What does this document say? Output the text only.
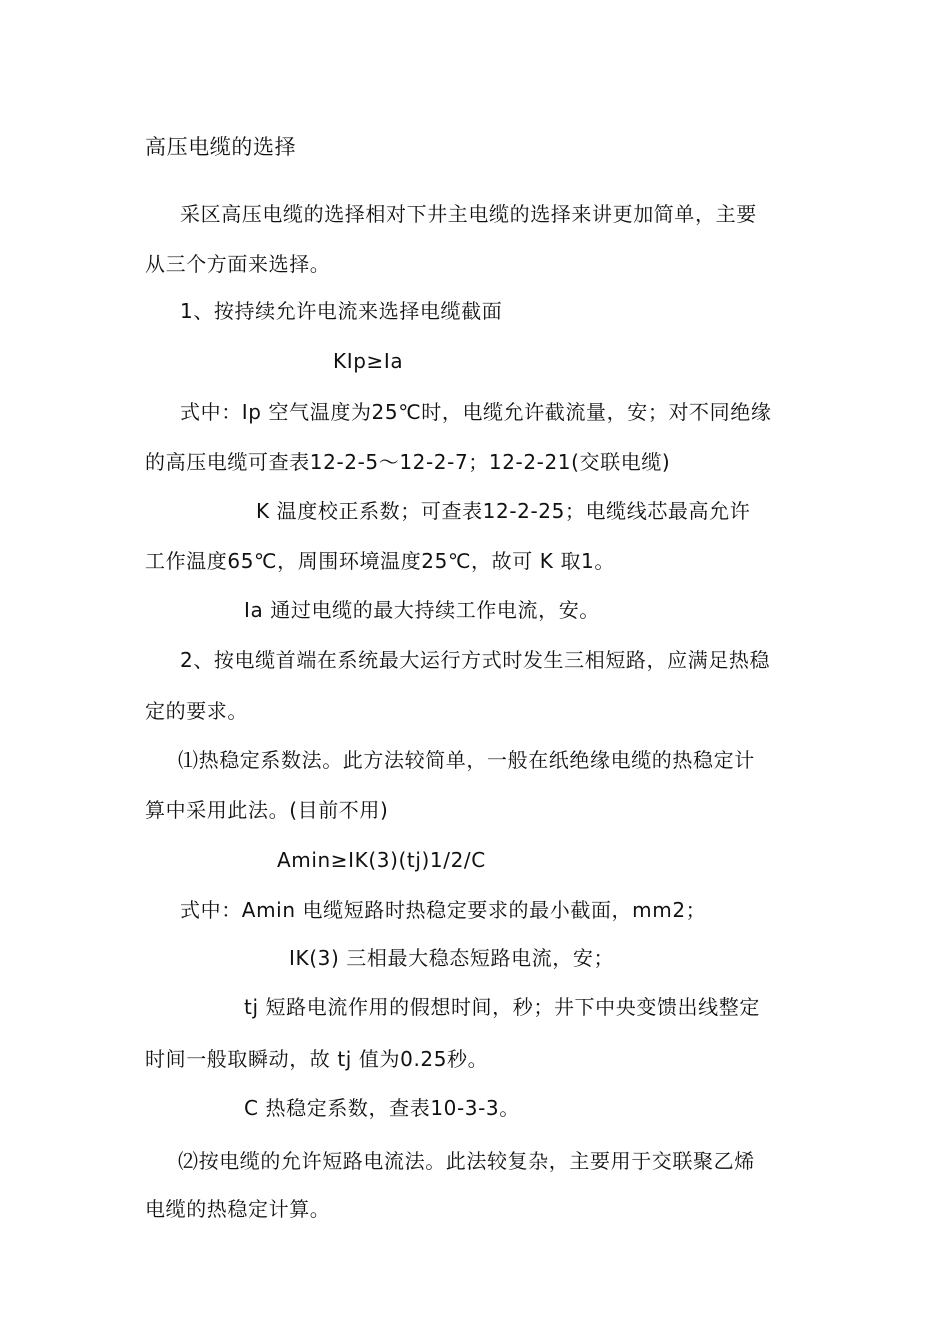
高压电缆的选择
采区高压电缆的选择相对下井主电缆的选择来讲更加简单，主要
从三个方面来选择。
1、按持续允许电流来选择电缆截面
KIp≥Ia
式中：Ip 空气温度为25℃时，电缆允许截流量，安；对不同绝缘
的高压电缆可查表12-2-5～12-2-7；12-2-21(交联电缆)
K 温度校正系数；可查表12-2-25；电缆线芯最高允许
工作温度65℃，周围环境温度25℃，故可 K 取1。
Ia 通过电缆的最大持续工作电流，安。
2、按电缆首端在系统最大运行方式时发生三相短路，应满足热稳
定的要求。
⑴热稳定系数法。此方法较简单，一般在纸绝缘电缆的热稳定计
算中采用此法。(目前不用)
Amin≥IK(3)(tj)1/2/C
式中：Amin 电缆短路时热稳定要求的最小截面，mm2；
IK(3) 三相最大稳态短路电流，安；
tj 短路电流作用的假想时间，秒；井下中央变馈出线整定
时间一般取瞬动，故 tj 值为0.25秒。
C 热稳定系数，查表10-3-3。
⑵按电缆的允许短路电流法。此法较复杂，主要用于交联聚乙烯
电缆的热稳定计算。
